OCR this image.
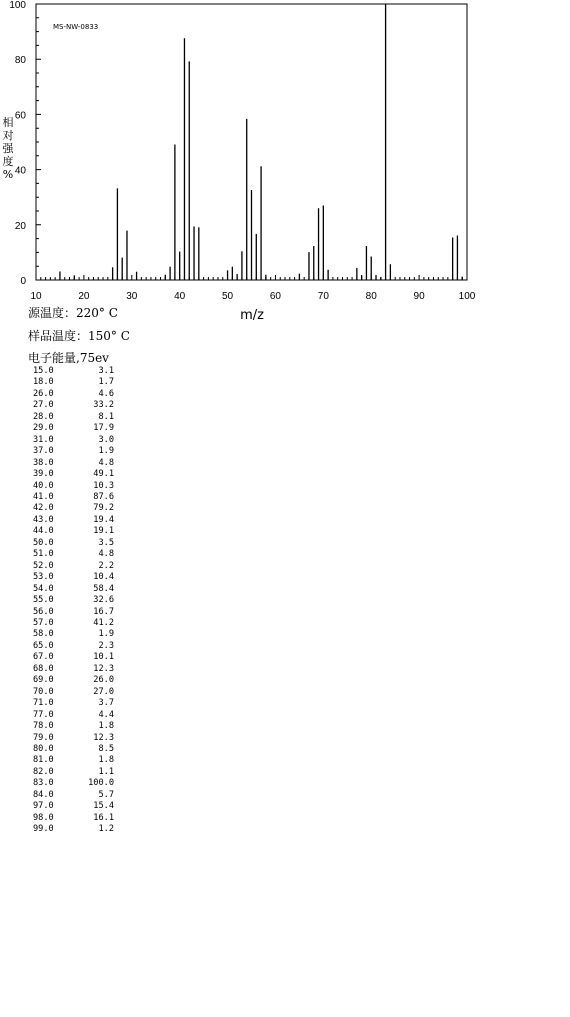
10	20	30	40	50	60	70	80	90	100
0
20
40
60
80
100
相对强度%
m/z
MS-NW-0833
源温度：220° C
样品温度：150° C
电子能量,75ev
15.0	3.1
18.0	1.7
26.0	4.6
27.0	33.2
28.0	8.1
29.0	17.9
31.0	3.0
37.0	1.9
38.0	4.8
39.0	49.1
40.0	10.3
41.0	87.6
42.0	79.2
43.0	19.4
44.0	19.1
50.0	3.5
51.0	4.8
52.0	2.2
53.0	10.4
54.0	58.4
55.0	32.6
56.0	16.7
57.0	41.2
58.0	1.9
65.0	2.3
67.0	10.1
68.0	12.3
69.0	26.0
70.0	27.0
71.0	3.7
77.0	4.4
78.0	1.8
79.0	12.3
80.0	8.5
81.0	1.8
82.0	1.1
83.0	100.0
84.0	5.7
97.0	15.4
98.0	16.1
99.0	1.2
